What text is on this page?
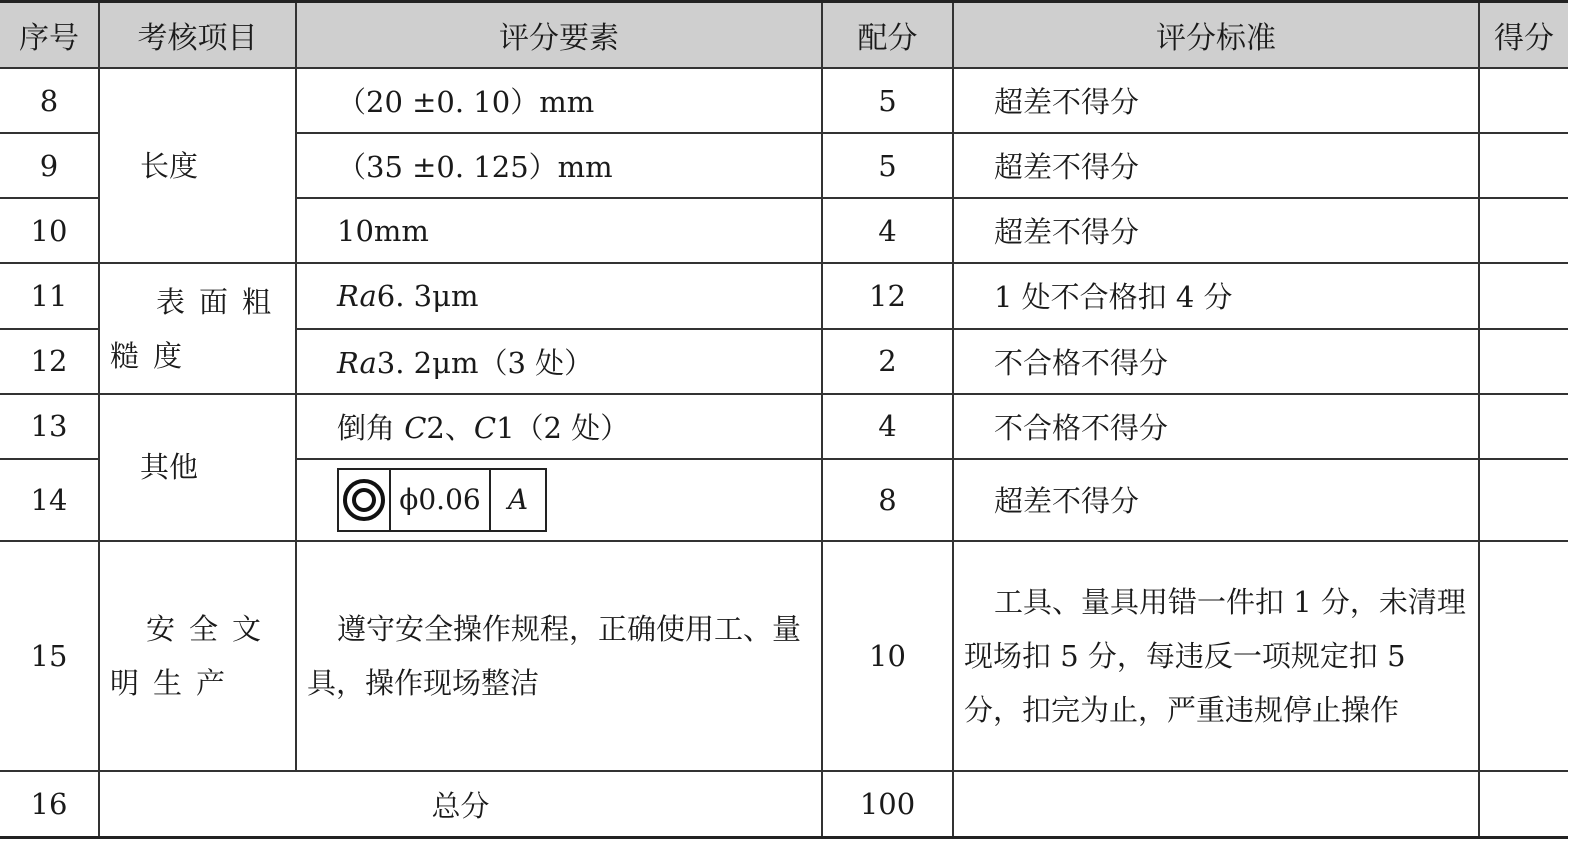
序号	考核项目	评分要素	配分	评分标准	得分
8	长度	（20 ±0. 10）mm	5	超差不得分	
9		（35 ±0. 125）mm	5	超差不得分	
10		10mm	4	超差不得分	
11	表面粗糙度	Ra6. 3μm	12	1 处不合格扣 4 分	
12		Ra3. 2μm（3 处）	2	不合格不得分	
13	其他	倒角 C2、C1（2 处）	4	不合格不得分	
14		ϕ0.06 A	8	超差不得分	
15	安全文明生产	遵守安全操作规程，正确使用工、量具，操作现场整洁	10	工具、量具用错一件扣 1 分，未清理现场扣 5 分，每违反一项规定扣 5 分，扣完为止，严重违规停止操作	
16	总分		100		
